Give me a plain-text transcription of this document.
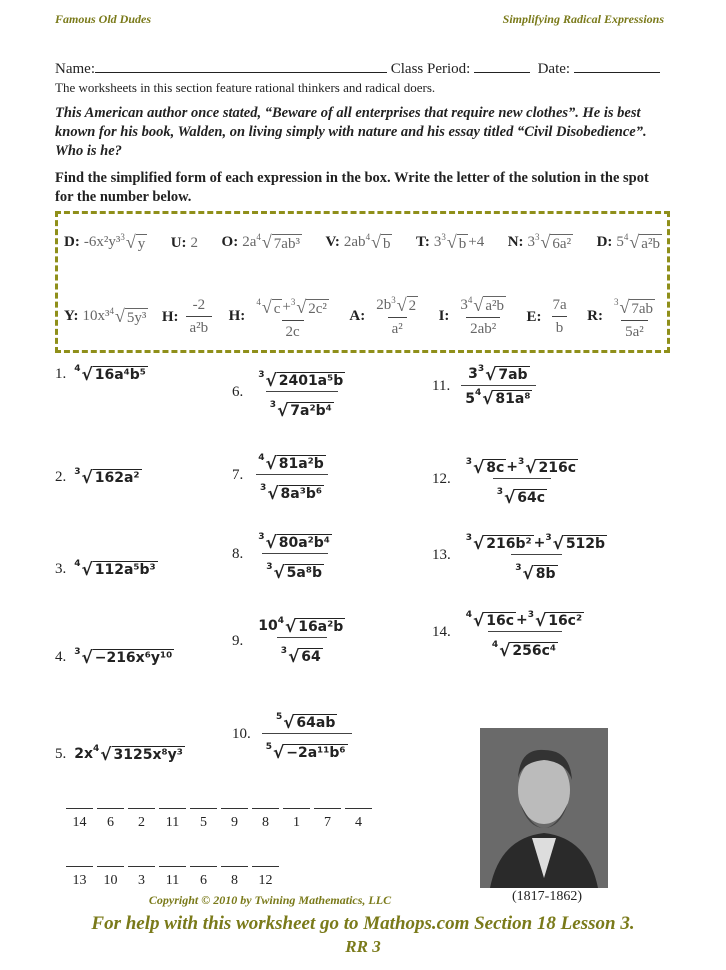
Famous Old Dudes	Simplifying Radical Expressions
Name:	Class Period:	Date:
The worksheets in this section feature rational thinkers and radical doers.
This American author once stated, “Beware of all enterprises that require new clothes”. He is best known for his book, Walden, on living simply with nature and his essay titled “Civil Disobedience”. Who is he?
Find the simplified form of each expression in the box. Write the letter of the solution in the spot for the number below.
D: -6x²y³ 3 √ y U: 2 O: 2a 4 √ 7ab³ V: 2ab 4 √ b T: 3 3 √ b +4 N: 3 3 √ 6a² D: 5 4 √ a²b
Y: 10x³ 4 √ 5y³ H: $\frac{-2}{\text{a²b}} H$: $\frac{\text{4 √ c + 3 √ 2c²}}{2c} A$: $\frac{2b 3 √ 2}{\text{a²}} I$: $\frac{\text{3 4 √ a²b}}{\text{2ab²}} E$: $\frac{7a}{b} R$: $\frac{3 √ 7ab}{\text{5a²}}$
(1817-1862)
Copyright © 2010 by Twining Mathematics, LLC
For help with this worksheet go to Mathops.com Section 18 Lesson 3.
RR 3
1. 4 √ 16a⁴b⁵
2. 3 √ 162a²
3. 4 √ 112a⁵b³
4. 3 √ −216x⁶y¹⁰
5. 2x 4 √ 3125x⁸y³
6. $\frac{\text{3 √ 2401a⁵b}}{\text{3 √ 7a²b⁴}}$
7. $\frac{\text{4 √ 81a²b}}{\text{3 √ 8a³b⁶}}$
8. $\frac{\text{3 √ 80a²b⁴}}{\text{3 √ 5a⁸b}}$
9. $\frac{\text{10 4 √ 16a²b}}{3 √ 64}$
10. $\frac{5 √ 64ab}{\text{5 √ −2a¹¹b⁶}}$
11. $\frac{3 3 √ 7ab}{\text{5 4 √ 81a⁸}}$
12. $\frac{3 √ 8c + 3 √ 216c}{3 √ 64c}$
13. $\frac{\text{3 √ 216b² + 3 √ 512b}}{3 √ 8b}$
14. $\frac{\text{4 √ 16c + 3 √ 16c²}}{\text{4 √ 256c⁴}}$
14	6	2	11	5	9	8	1	7	4
13	10	3	11	6	8	12
